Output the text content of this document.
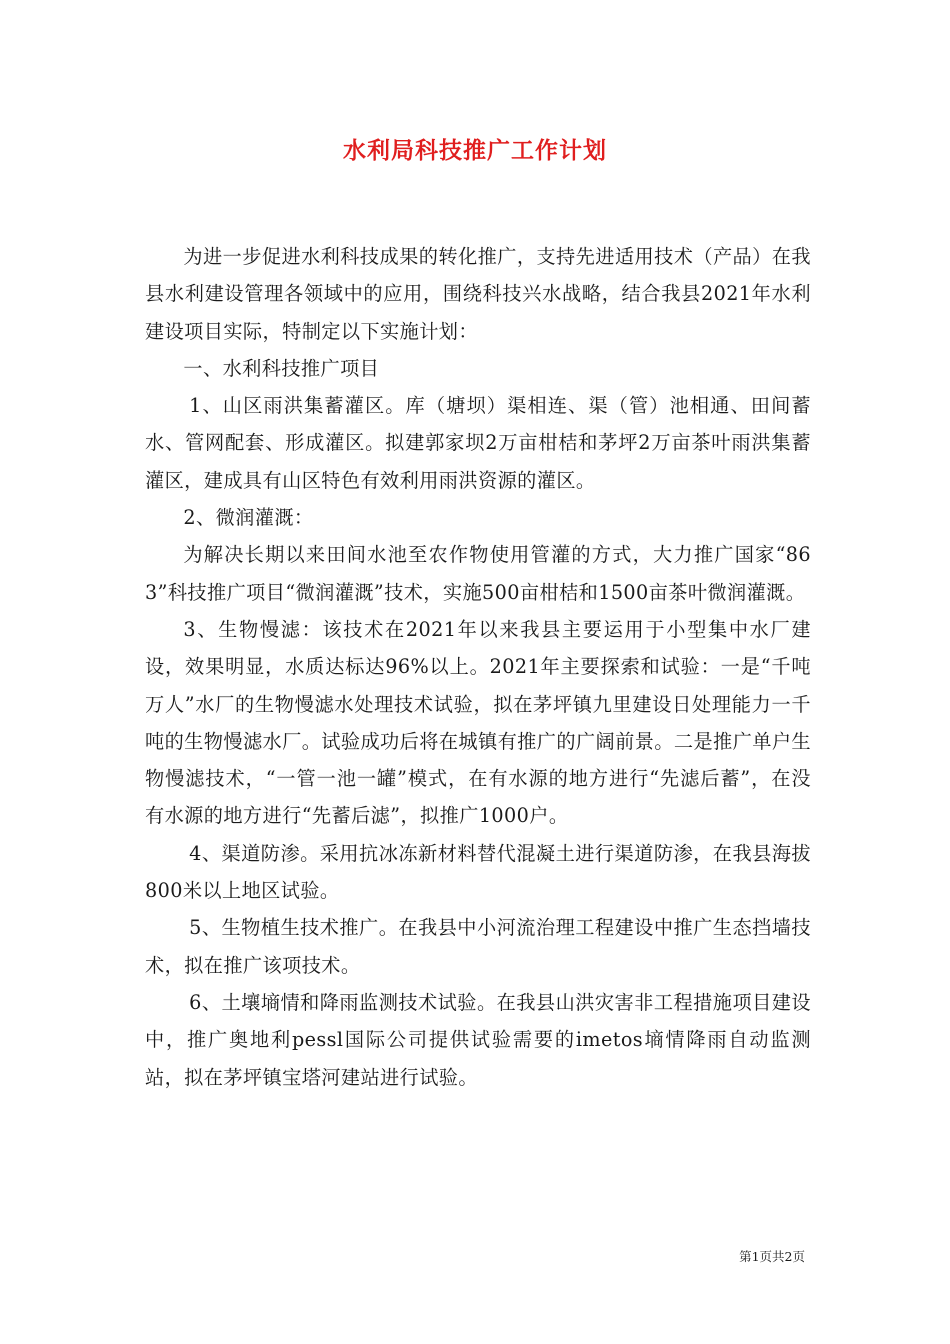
水利局科技推广工作计划

为进一步促进水利科技成果的转化推广，支持先进适用技术（产品）在我县水利建设管理各领域中的应用，围绕科技兴水战略，结合我县2021年水利建设项目实际，特制定以下实施计划：

一、水利科技推广项目

1、山区雨洪集蓄灌区。库（塘坝）渠相连、渠（管）池相通、田间蓄水、管网配套、形成灌区。拟建郭家坝2万亩柑桔和茅坪2万亩茶叶雨洪集蓄灌区，建成具有山区特色有效利用雨洪资源的灌区。

2、微润灌溉：

为解决长期以来田间水池至农作物使用管灌的方式，大力推广国家“863”科技推广项目“微润灌溉”技术，实施500亩柑桔和1500亩茶叶微润灌溉。

3、生物慢滤：该技术在2021年以来我县主要运用于小型集中水厂建设，效果明显，水质达标达96%以上。2021年主要探索和试验：一是“千吨万人”水厂的生物慢滤水处理技术试验，拟在茅坪镇九里建设日处理能力一千吨的生物慢滤水厂。试验成功后将在城镇有推广的广阔前景。二是推广单户生物慢滤技术，“一管一池一罐”模式，在有水源的地方进行“先滤后蓄”，在没有水源的地方进行“先蓄后滤”，拟推广1000户。

4、渠道防渗。采用抗冰冻新材料替代混凝土进行渠道防渗，在我县海拔800米以上地区试验。

5、生物植生技术推广。在我县中小河流治理工程建设中推广生态挡墙技术，拟在推广该项技术。

6、土壤墒情和降雨监测技术试验。在我县山洪灾害非工程措施项目建设中，推广奥地利pessl国际公司提供试验需要的imetos墒情降雨自动监测站，拟在茅坪镇宝塔河建站进行试验。

第1页共2页
